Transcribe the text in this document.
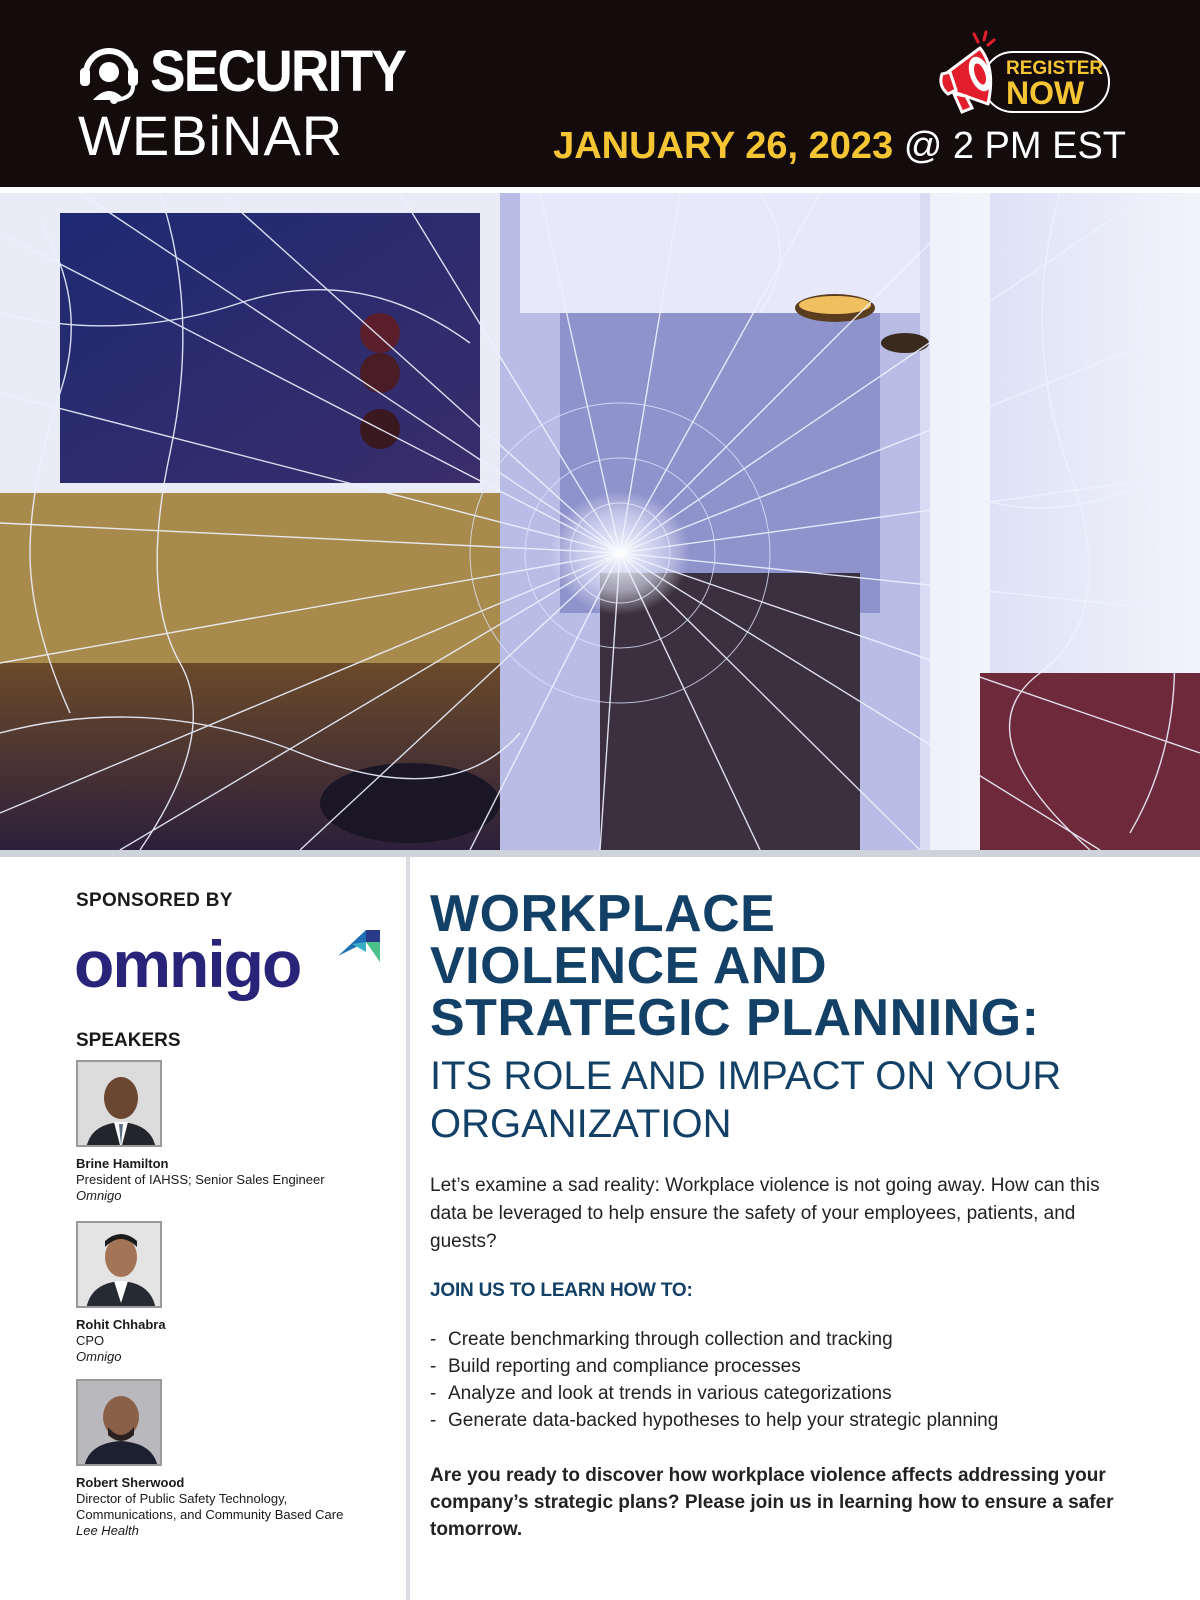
SECURITY
WEBiNAR
REGISTER
NOW
JANUARY 26, 2023 @ 2 PM EST
SPONSORED BY
omnigo
SPEAKERS
Brine Hamilton
President of IAHSS; Senior Sales Engineer
Omnigo
Rohit Chhabra
CPO
Omnigo
Robert Sherwood
Director of Public Safety Technology, Communications, and Community Based Care
Lee Health
WORKPLACE
VIOLENCE AND
STRATEGIC PLANNING:
ITS ROLE AND IMPACT ON YOUR ORGANIZATION

Let’s examine a sad reality: Workplace violence is not going away. How can this data be leveraged to help ensure the safety of your employees, patients, and guests?

JOIN US TO LEARN HOW TO:
- Create benchmarking through collection and tracking
- Build reporting and compliance processes
- Analyze and look at trends in various categorizations
- Generate data-backed hypotheses to help your strategic planning

Are you ready to discover how workplace violence affects addressing your company’s strategic plans? Please join us in learning how to ensure a safer tomorrow.
